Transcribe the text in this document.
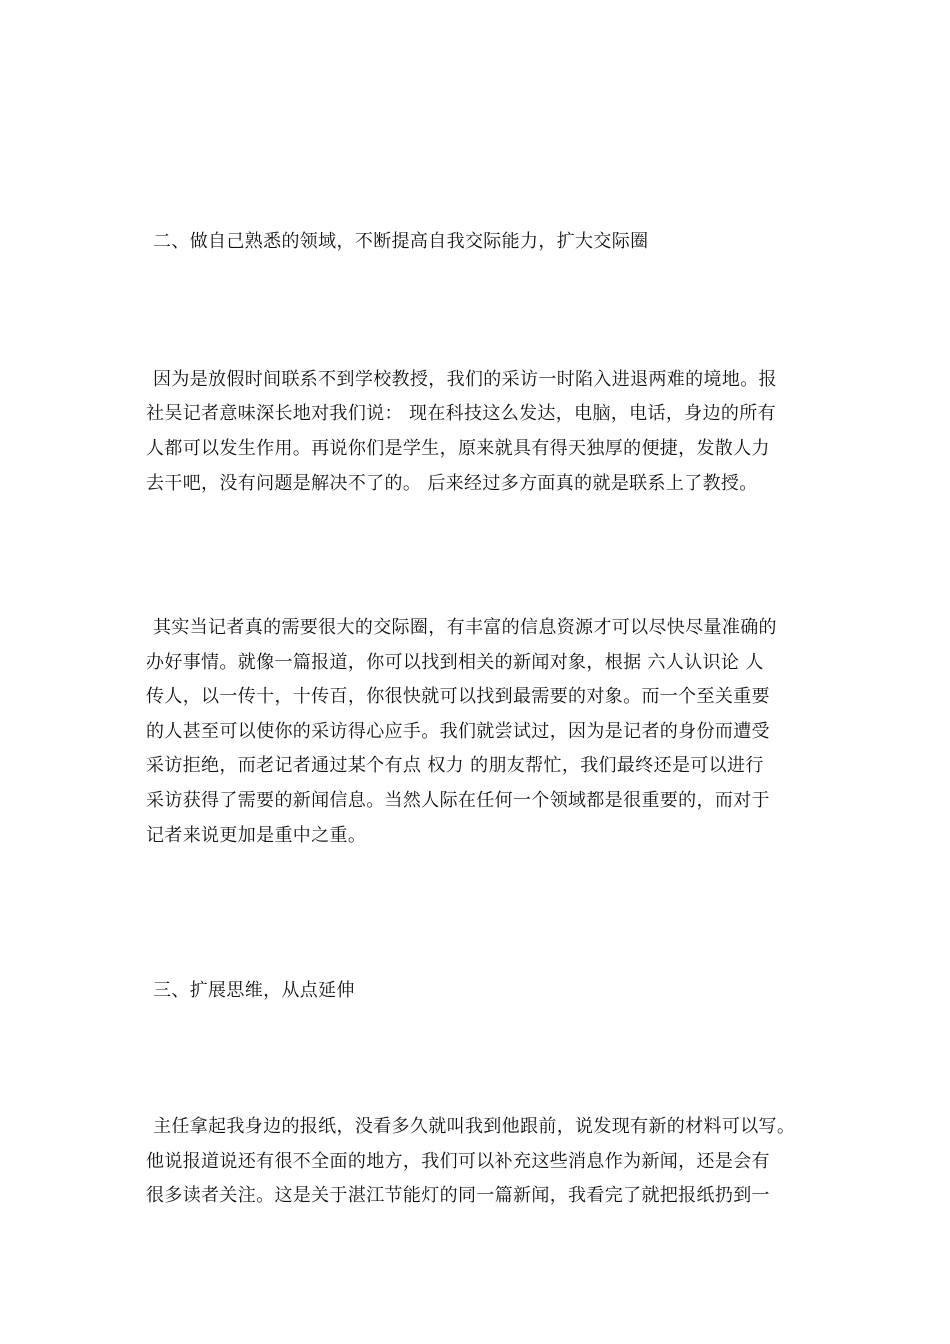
二、做自己熟悉的领域，不断提高自我交际能力，扩大交际圈
因为是放假时间联系不到学校教授，我们的采访一时陷入进退两难的境地。报
社吴记者意味深长地对我们说： 现在科技这么发达，电脑，电话，身边的所有
人都可以发生作用。再说你们是学生，原来就具有得天独厚的便捷，发散人力
去干吧，没有问题是解决不了的。 后来经过多方面真的就是联系上了教授。
其实当记者真的需要很大的交际圈，有丰富的信息资源才可以尽快尽量准确的
办好事情。就像一篇报道，你可以找到相关的新闻对象，根据 六人认识论 人
传人，以一传十，十传百，你很快就可以找到最需要的对象。而一个至关重要
的人甚至可以使你的采访得心应手。我们就尝试过，因为是记者的身份而遭受
采访拒绝，而老记者通过某个有点 权力 的朋友帮忙，我们最终还是可以进行
采访获得了需要的新闻信息。当然人际在任何一个领域都是很重要的，而对于
记者来说更加是重中之重。
三、扩展思维，从点延伸
主任拿起我身边的报纸，没看多久就叫我到他跟前，说发现有新的材料可以写。
他说报道说还有很不全面的地方，我们可以补充这些消息作为新闻，还是会有
很多读者关注。这是关于湛江节能灯的同一篇新闻，我看完了就把报纸扔到一
